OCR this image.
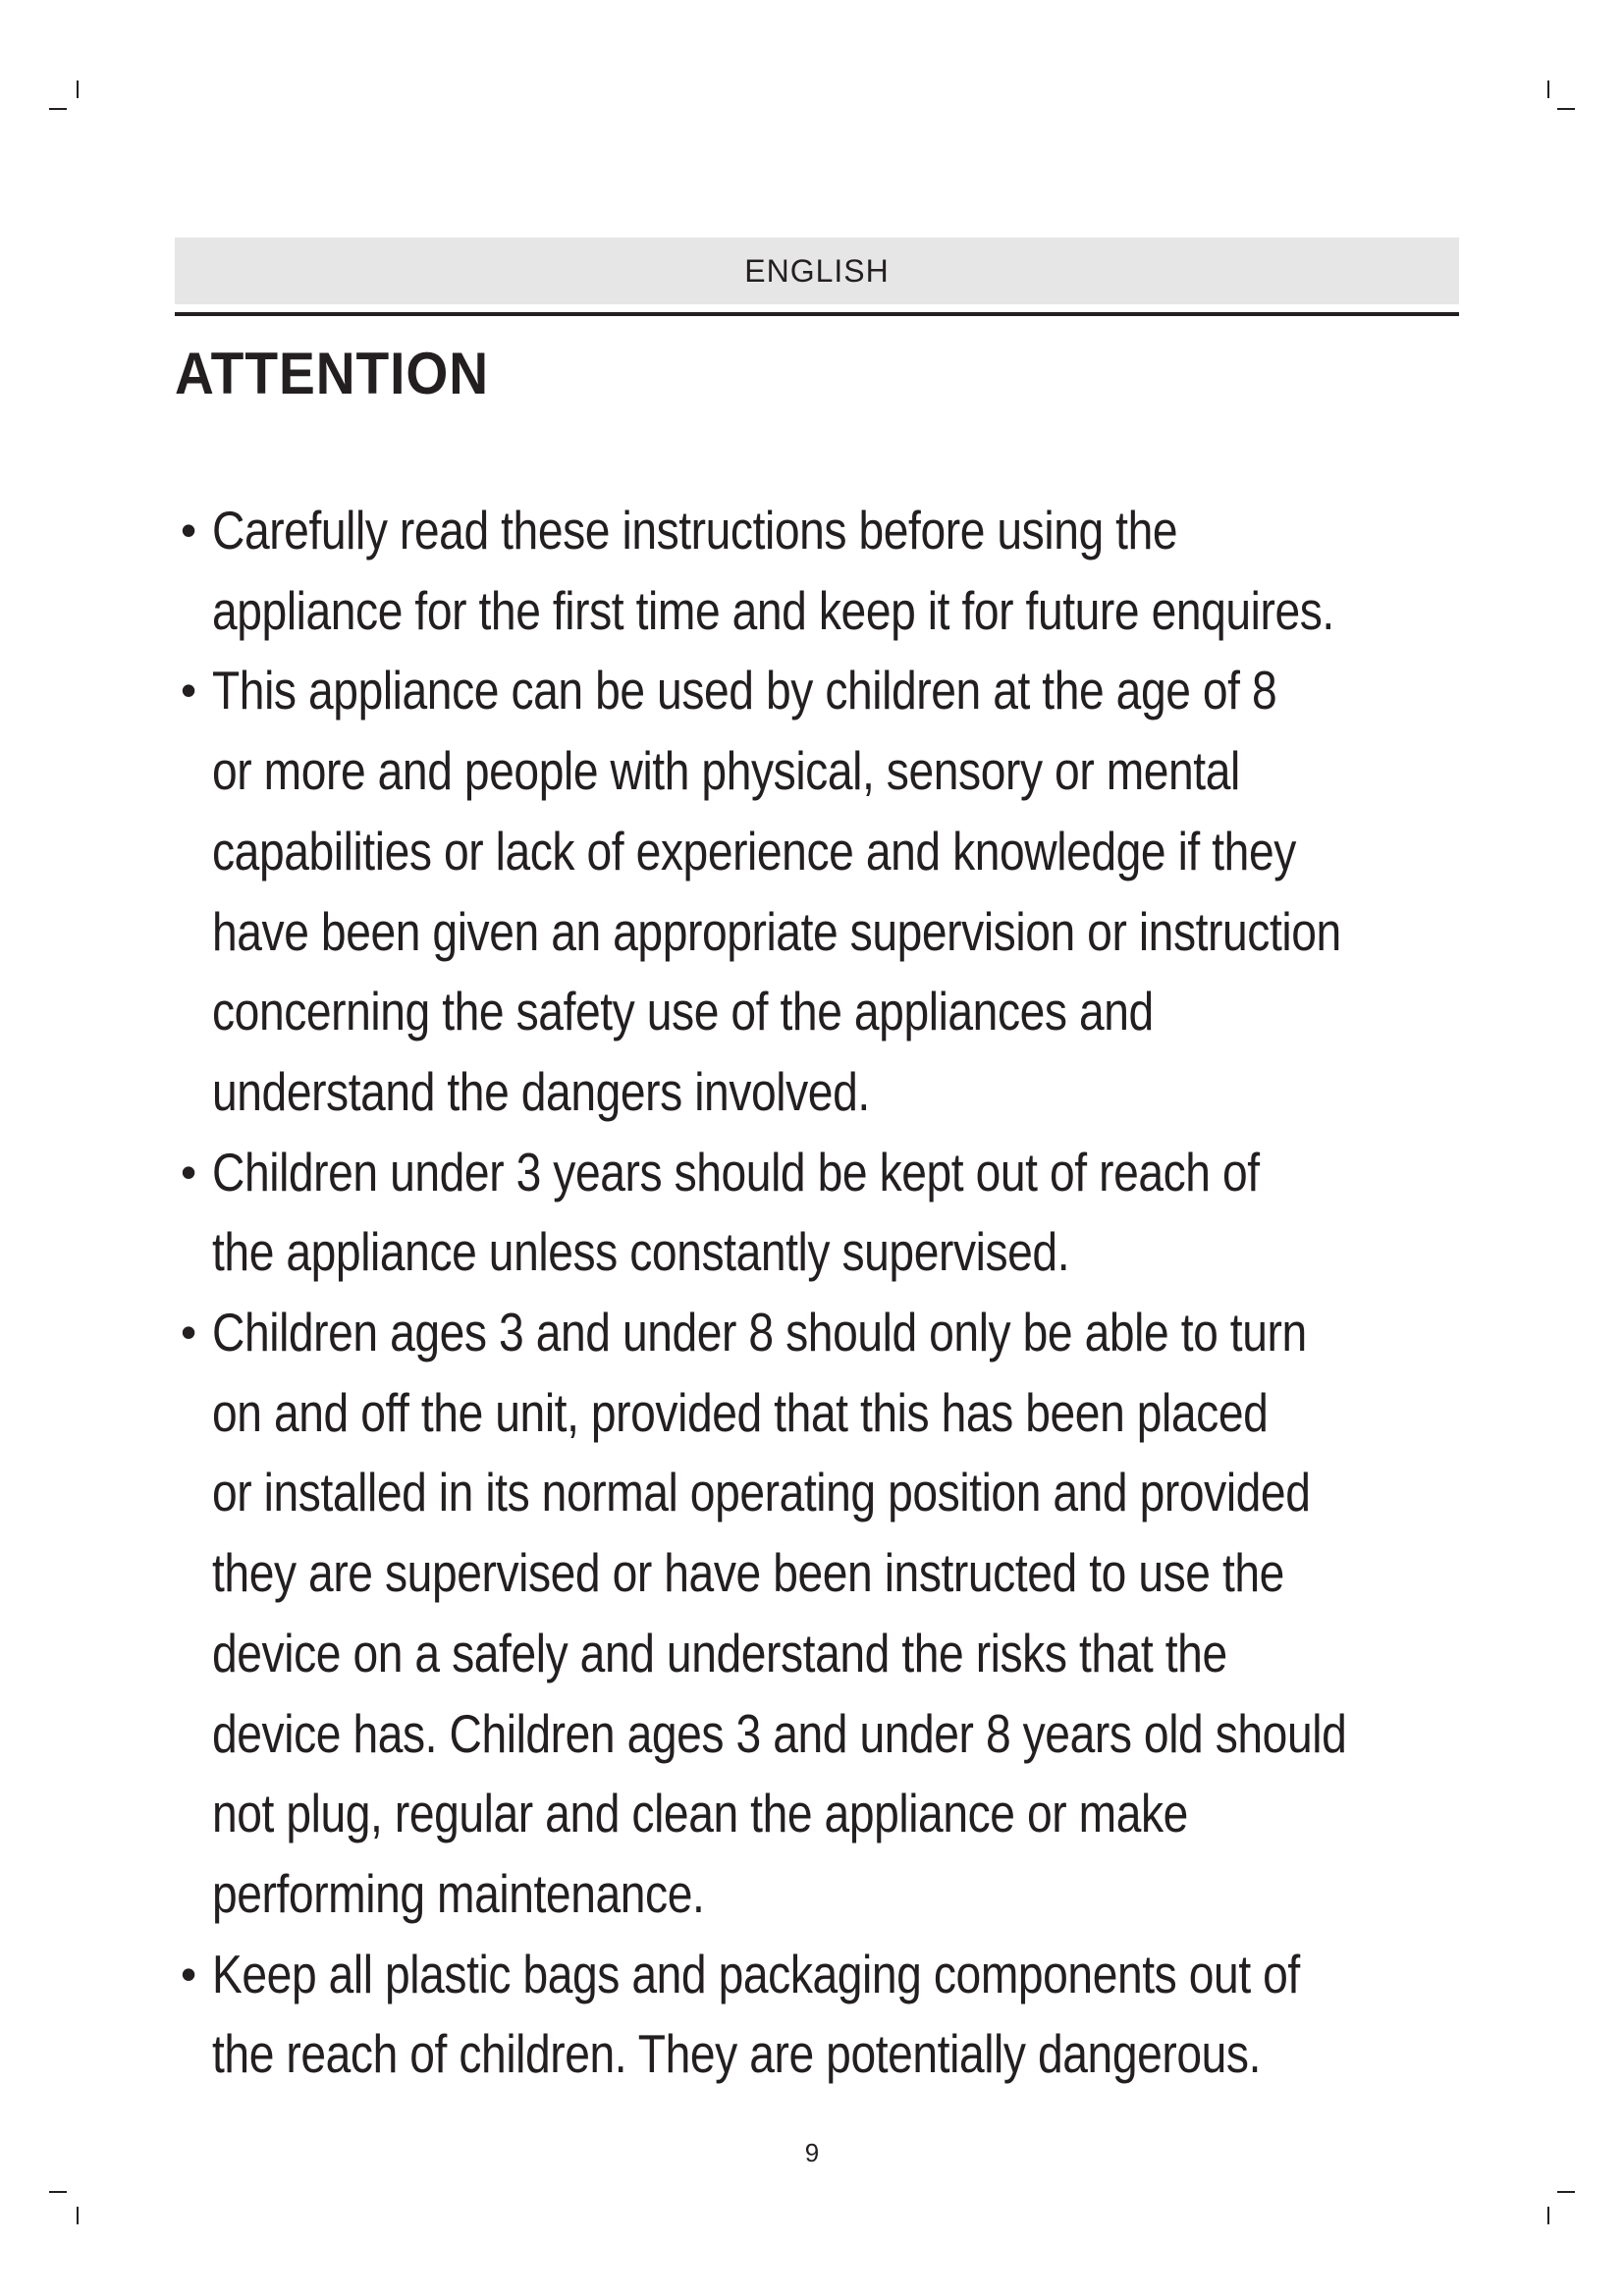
ENGLISH
ATTENTION
• Carefully read these instructions before using the
appliance for the first time and keep it for future enquires.
• This appliance can be used by children at the age of 8
or more and people with physical, sensory or mental
capabilities or lack of experience and knowledge if they
have been given an appropriate supervision or instruction
concerning the safety use of the appliances and
understand the dangers involved.
• Children under 3 years should be kept out of reach of
the appliance unless constantly supervised.
• Children ages 3 and under 8 should only be able to turn
on and off the unit, provided that this has been placed
or installed in its normal operating position and provided
they are supervised or have been instructed to use the
device on a safely and understand the risks that the
device has. Children ages 3 and under 8 years old should
not plug, regular and clean the appliance or make
performing maintenance.
• Keep all plastic bags and packaging components out of
the reach of children. They are potentially dangerous.
9
